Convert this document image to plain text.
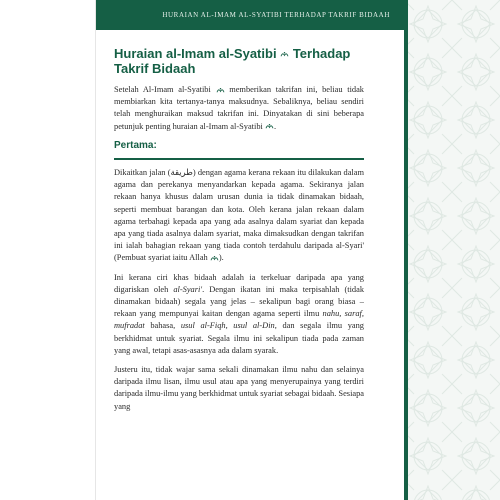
HURAIAN AL-IMAM AL-SYATIBI TERHADAP TAKRIF BIDAAH
Huraian al-Imam al-Syatibi Terhadap
Takrif Bidaah

Setelah Al-Imam al-Syatibi memberikan takrifan ini, beliau tidak membiarkan kita tertanya-tanya maksudnya. Sebaliknya, beliau sendiri telah menghuraikan maksud takrifan ini. Dinyatakan di sini beberapa petunjuk penting huraian al-Imam al-Syatibi .

Pertama:

Dikaitkan jalan (طريقة) dengan agama kerana rekaan itu dilakukan dalam agama dan perekanya menyandarkan kepada agama. Sekiranya jalan rekaan hanya khusus dalam urusan dunia ia tidak dinamakan bidaah, seperti membuat barangan dan kota. Oleh kerana jalan rekaan dalam agama terbahagi kepada apa yang ada asalnya dalam syariat dan kepada apa yang tiada asalnya dalam syariat, maka dimaksudkan dengan takrifan ini ialah bahagian rekaan yang tiada contoh terdahulu daripada al-Syari' (Pembuat syariat iaitu Allah ).

Ini kerana ciri khas bidaah adalah ia terkeluar daripada apa yang digariskan oleh al-Syari'. Dengan ikatan ini maka terpisahlah (tidak dinamakan bidaah) segala yang jelas – sekalipun bagi orang biasa – rekaan yang mempunyai kaitan dengan agama seperti ilmu nahu, saraf, mufradat bahasa, usul al-Fiqh, usul al-Din, dan segala ilmu yang berkhidmat untuk syariat. Segala ilmu ini sekalipun tiada pada zaman yang awal, tetapi asas-asasnya ada dalam syarak.

Justeru itu, tidak wajar sama sekali dinamakan ilmu nahu dan selainya daripada ilmu lisan, ilmu usul atau apa yang menyerupainya yang terdiri daripada ilmu-ilmu yang berkhidmat untuk syariat sebagai bidaah. Sesiapa yang
